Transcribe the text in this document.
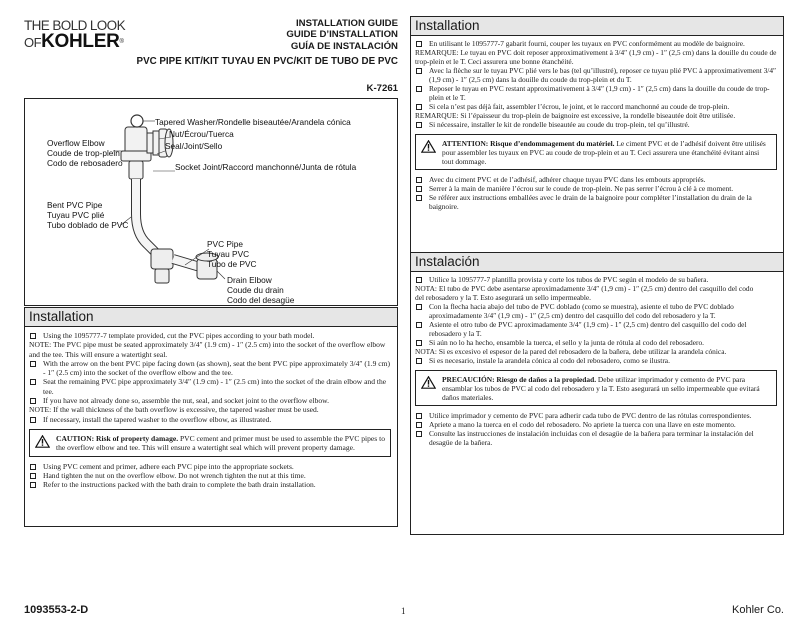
THE BOLD LOOK
OFKOHLER®
INSTALLATION GUIDE
GUIDE D’INSTALLATION
GUÍA DE INSTALACIÓN
PVC PIPE KIT/KIT TUYAU EN PVC/KIT DE TUBO DE PVC
K-7261
Tapered Washer/Rondelle biseautée/Arandela cónica
Nut/Écrou/Tuerca
Seal/Joint/Sello
Socket Joint/Raccord manchonné/Junta de rótula
Overflow Elbow
Coude de trop-plein
Codo de rebosadero
Bent PVC Pipe
Tuyau PVC plié
Tubo doblado de PVC
PVC Pipe
Tuyau PVC
Tubo de PVC
Drain Elbow
Coude du drain
Codo del desagüe
Installation
Using the 1095777-7 template provided, cut the PVC pipes according to your bath model.
NOTE: The PVC pipe must be seated approximately 3/4″ (1.9 cm) - 1″ (2.5 cm) into the socket of the overflow elbow and the tee. This will ensure a watertight seal.
With the arrow on the bent PVC pipe facing down (as shown), seat the bent PVC pipe approximately 3/4″ (1.9 cm) - 1″ (2.5 cm) into the socket of the overflow elbow and the tee.
Seat the remaining PVC pipe approximately 3/4″ (1.9 cm) - 1″ (2.5 cm) into the socket of the drain elbow and the tee.
If you have not already done so, assemble the nut, seal, and socket joint to the overflow elbow.
NOTE: If the wall thickness of the bath overflow is excessive, the tapered washer must be used.
If necessary, install the tapered washer to the overflow elbow, as illustrated.
CAUTION: Risk of property damage. PVC cement and primer must be used to assemble the PVC pipes to the overflow elbow and tee. This will ensure a watertight seal which will prevent property damage.
Using PVC cement and primer, adhere each PVC pipe into the appropriate sockets.
Hand tighten the nut on the overflow elbow. Do not wrench tighten the nut at this time.
Refer to the instructions packed with the bath drain to complete the bath drain installation.
Installation
En utilisant le 1095777-7 gabarit fourni, couper les tuyaux en PVC conformément au modèle de baignoire.
REMARQUE: Le tuyau en PVC doit reposer approximativement à 3/4″ (1,9 cm) - 1″ (2,5 cm) dans la douille du coude de trop-plein et le T. Ceci assurera une bonne étanchéité.
Avec la flèche sur le tuyau PVC plié vers le bas (tel qu’illustré), reposer ce tuyau plié PVC à approximativement 3/4″ (1,9 cm) - 1″ (2,5 cm) dans la douille du coude du trop-plein et du T.
Reposer le tuyau en PVC restant approximativement à 3/4″ (1,9 cm) - 1″ (2,5 cm) dans la douille du coude de trop-plein et le T.
Si cela n’est pas déjà fait, assembler l’écrou, le joint, et le raccord manchonné au coude de trop-plein.
REMARQUE: Si l’épaisseur du trop-plein de baignoire est excessive, la rondelle biseautée doit être utilisée.
Si nécessaire, installer le kit de rondelle biseautée au coude du trop-plein, tel qu’illustré.
ATTENTION: Risque d’endommagement du matériel. Le ciment PVC et de l’adhésif doivent être utilisés pour assembler les tuyaux en PVC au coude de trop-plein et au T. Ceci assurera une étanchéité évitant ainsi tout dommage.
Avec du ciment PVC et de l’adhésif, adhérer chaque tuyau PVC dans les embouts appropriés.
Serrer à la main de manière l’écrou sur le coude de trop-plein. Ne pas serrer l’écrou à clé à ce moment.
Se référer aux instructions emballées avec le drain de la baignoire pour compléter l’installation du drain de la baignoire.
Instalación
Utilice la 1095777-7 plantilla provista y corte los tubos de PVC según el modelo de su bañera.
NOTA: El tubo de PVC debe asentarse aproximadamente 3/4″ (1,9 cm) - 1″ (2,5 cm) dentro del casquillo del codo
del rebosadero y la T. Esto asegurará un sello impermeable.
Con la flecha hacia abajo del tubo de PVC doblado (como se muestra), asiente el tubo de PVC doblado aproximadamente 3/4″ (1,9 cm) - 1″ (2,5 cm) dentro del casquillo del codo del rebosadero y la T.
Asiente el otro tubo de PVC aproximadamente 3/4″ (1,9 cm) - 1″ (2,5 cm) dentro del casquillo del codo del rebosadero y la T.
Si aún no lo ha hecho, ensamble la tuerca, el sello y la junta de rótula al codo del rebosadero.
NOTA: Si es excesivo el espesor de la pared del rebosadero de la bañera, debe utilizar la arandela cónica.
Si es necesario, instale la arandela cónica al codo del rebosadero, como se ilustra.
PRECAUCIÓN: Riesgo de daños a la propiedad. Debe utilizar imprimador y cemento de PVC para ensamblar los tubos de PVC al codo del rebosadero y la T. Esto asegurará un sello impermeable que evitará daños materiales.
Utilice imprimador y cemento de PVC para adherir cada tubo de PVC dentro de las rótulas correspondientes.
Apriete a mano la tuerca en el codo del rebosadero. No apriete la tuerca con una llave en este momento.
Consulte las instrucciones de instalación incluidas con el desagüe de la bañera para terminar la instalación del desagüe de la bañera.
1093553-2-D	1	Kohler Co.
